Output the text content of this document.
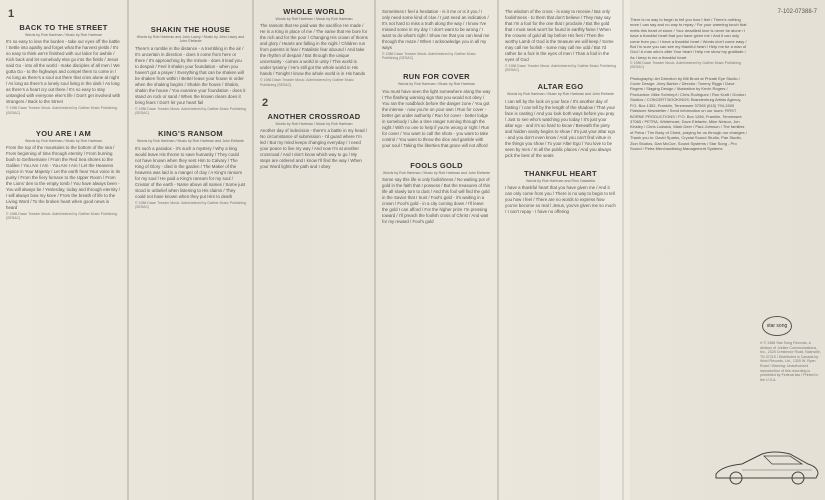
7-102-07388-7
1
BACK TO THE STREET
Words by Rob Hartman / Music by Rob Hartman
It's so easy to lose the burden - take our eyes off the battle / Settle into apathy and forget what the harvest yields / It's so easy to think we're finished with our labor for awhile / Kick back and let somebody else go into the fields / Jesus said Go - into all the world - make disciples of all men / We gotta Go - to the highways and compel them to come in / As long as there's a soul out there that cries alone at night / As long as there's a lonely soul living in the dark / As long as there's a heart cry out there / It's so easy to stay untangled with everyone else's life / Don't get involved with strangers / Back to the Street
© 1986 Dawn Treader Music. Administered by Gaither Music Publishing (SESAC)
YOU ARE I AM
Words by Rob Hartman / Music by Rob Hartman
From the top of the mountains to the bottom of the sea / From beginning of time through eternity / From burning bush to Gethsemane / From the Red Sea shores to the Galilee / You Are I Am - You Are I Am / Let the Heavens rejoice in Your Majesty / Let the earth hear Your voice in its purity / From the fiery furnace to the Upper Room / From the Lions' den to the empty tomb / You have always been - You will always be / Yesterday, today and through eternity / I will always bow my knee / From the breath of life to the Living Word / To the broken heart when good news is heard
© 1986 Dawn Treader Music. Administered by Gaither Music Publishing (SESAC)
SHAKIN THE HOUSE
Words by Rob Hartman and John Lawry / Music by John Lawry and John Elefante
There's a rumble in the distance - a trembling in the air / It's uncertain in direction - does it come from here or there / It's approaching by the minute - does it lead you to despair / Feel it shakin your foundation - when you haven't got a prayer / Everything that can be shaken will be shaken from within / Better leave your house in order when the shaking begins / Shakin the house / Shakin, shakin the house / You examine your foundation - does it stand on rock or sand / When the known clears does it bring fears / Don't let your heart fail
© 1986 Dawn Treader Music. Administered by Gaither Music Publishing (SESAC)
KING'S RANSOM
Words by Rob Hartman / Music by Rob Hartman and John Elefante
It's such a paradox - it's such a mystery / Why a king would leave His throne to save humanity / They could not have known when they sent Him to Calvary / The King of Glory - died in the garden / The Maker of the heavens was laid in a manger of clay / A King's ransom for my soul / He paid a King's ransom for my soul / Creator of the earth - Name above all names / Some just stood in unbelief when listening to His claims / They could not have known when they put Him to death
© 1986 Dawn Treader Music. Administered by Gaither Music Publishing (SESAC)
WHOLE WORLD
Words by Rob Hartman / Music by Rob Hartman
The ransom that He paid was the sacrifice He made / He is a King in place of me / The name that He bore for the rich and for the poor / Changing His crown of thorns and glory / Hearts are falling in the night / Children run from parents in fear / Fatalistic fear abound / And take the rhythm of despair / But through the unique uncertainty - comes a world in unity / This world is under tyranny / He's still got the whole world in His hands / Tonight I know the whole world is in His hands
© 1986 Dawn Treader Music. Administered by Gaither Music Publishing (SESAC)
2
ANOTHER CROSSROAD
Words by Rob Hartman / Music by Rob Hartman
Another day of indecision - there's a battle in my head / No circumstance of submission - I'd guard where I'm led / But my mind keeps changing everyday / I need your peace to live my way / And now I'm at another crossroad / And I don't know which way to go / My steps are ordered and I know I'll find the way / When your Word lights the path and I obey
Sometimes I feel a hesitation - is it me or is it you / I only need some kind of clue / I just need an indication / It's not hard to miss a truth along the way / I know I've missed some in my day / I don't want to be wrong / I want to do what's right / Show me that you can lead me through the maze / When I acknowledge you in all my ways
© 1986 Dawn Treader Music. Administered by Gaither Music Publishing (SESAC)
RUN FOR COVER
Words by Rob Hartman / Music by Rob Hartman
You must have seen the light somewhere along the way / The flashing warning sign that you would not obey / You ran the roadblock before the danger zone / You got the intense - now you're on your own / Run for cover - better get under authority / Run for cover - better lodge in somebody / Like a time ranger running through the night / With no one to help if you're wrong or right / Run for cover / You want to call the shots - you want to take control / You want to throw the dice and gamble with your soul / Taking the liberties that grace will not afford
FOOLS GOLD
Words by Rob Hartman / Music by Rob Hartman and John Elefante
Some say this life is only foolishness / No waiting pot of gold in the faith that I possess / But the treasures of this life all slowly turn to dust / And this fool will find the gold in the Savior that I trust / Fool's gold - it's waiting in a crown / Fool's gold - in a city coming down / I'll leave the gold I can afford / For the higher prize I'm pressing toward / I'll preach the foolish cross of Christ / And wait for my reward / Fool's gold
The wisdom of the cross - is easy to receive / But only foolishness - to them that don't believe / They may say that I'm a fool for the one that I proclaim / But the gold that I must seek won't be found in earthly fame / When the crowns of gold all lay before His feet / Then the worthy Lamb of God is the treasure we will keep / Some may call me foolish - some may call me odd / But I'd rather be a fool in the eyes of men / Than a fool in the eyes of God
© 1986 Dawn Treader Music. Administered by Gaither Music Publishing (SESAC)
ALTAR EGO
Words by Rob Hartman / Music by Rob Hartman and John Elefante
I can tell by the look on your face / It's another day of fasting / I can tell by the length of the shadow / That your face is casting / And you look both ways before you pray / Just to see who's watching you today / It's just your altar ego - and it's so hard to know / Beneath the piety and hidden vanity begins to show / It's just your altar ego - and you don't even know / And you can't find virtue in the things you show / To your Alter Ego / You love to be seen by men / In all the public places / And you always pick the best of the seats
THANKFUL HEART
Words by Rob Hartman and Rino Gatavella
I have a thankful heart that you have given me / And it can only come from you / There is no way to begin to tell you how I feel / There are no words to express how you've become so real / Jesus, you've given me so much / I can't repay - I have no offering
There is no way to begin to tell you how I feel / There's nothing more I can say and no way to repay / For your warming touch that melts this heart of stone / Your deadliest love is never be alone / I have a thankful heart that you have given me / And it can only come from you / I have a thankful heart / Words don't come easy / But I'm sure you can see my thankful heart / Help me be a man of God / A man who's after Your heart / Help me show my gratitude / As I keep in me a thankful heart
© 1986 Dawn Treader Music. Administered by Gaither Music Publishing (SESAC)
Photography: Art Direction by Bill Brunt at Private Eye Studio / Cover Design: Jerry Barker / Director: Tommy Riggs / Dave Rogers / Staging Design / Illustration by Kevin Rogers / Production: Mike Schrimpf / Chris Rodriguez / Ron Kraft / Gordon Studios / CONCERT BOOKINGS: Brandenburg Artists Agency, P.O. Box 1352, Franklin, Tennessee 37065 (615) 794-1500 Flatstone Newsletter / Send information on our tours: FIRST BORNE PRODUCTIONS / P.O. Box 1266, Franklin, Tennessee 37065 / PETRA, Whiteheart, Dave Elefante, Mike Nelson, Jon Kinsley / Chris Ludwick, Mark Deer / Paul Johnson / The families of Petra / The Body of Christ, praying for us through our changes / Thank you to: David Sparks, Crystal Sound Studio, Pan Studio, Zion Studios, Dan McCue, Sound Systems / Star Song - Pro Sound / Petra Merchandising Management Systems
℗ © 1986 Star Song Records, a division of Jubilee Communications, Inc., 2325 Crestmoor Road, Nashville, TN 37215 / Distributed in Canada by Word Records, Ltd., 1300 W. Ryan Road / Warning: Unauthorized reproduction of this recording is prohibited by Federal law / Printed in the U.S.A.
star song
